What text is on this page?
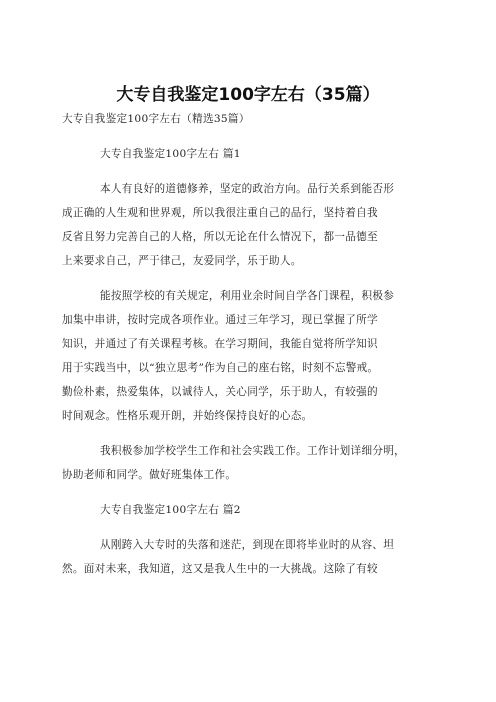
大专自我鉴定100字左右（35篇）
大专自我鉴定100字左右（精选35篇）
大专自我鉴定100字左右 篇1
本人有良好的道德修养，坚定的政治方向。品行关系到能否形
成正确的人生观和世界观，所以我很注重自己的品行，坚持着自我
反省且努力完善自己的人格，所以无论在什么情况下，都一品德至
上来要求自己，严于律己，友爱同学，乐于助人。
能按照学校的有关规定，利用业余时间自学各门课程，积极参
加集中串讲，按时完成各项作业。通过三年学习，现已掌握了所学
知识，并通过了有关课程考核。在学习期间，我能自觉将所学知识
用于实践当中，以“独立思考”作为自己的座右铭，时刻不忘警戒。
勤俭朴素，热爱集体，以诚待人，关心同学，乐于助人，有较强的
时间观念。性格乐观开朗，并始终保持良好的心态。
我积极参加学校学生工作和社会实践工作。工作计划详细分明，
协助老师和同学。做好班集体工作。
大专自我鉴定100字左右 篇2
从刚跨入大专时的失落和迷茫，到现在即将毕业时的从容、坦
然。面对未来，我知道，这又是我人生中的一大挑战。这除了有较
